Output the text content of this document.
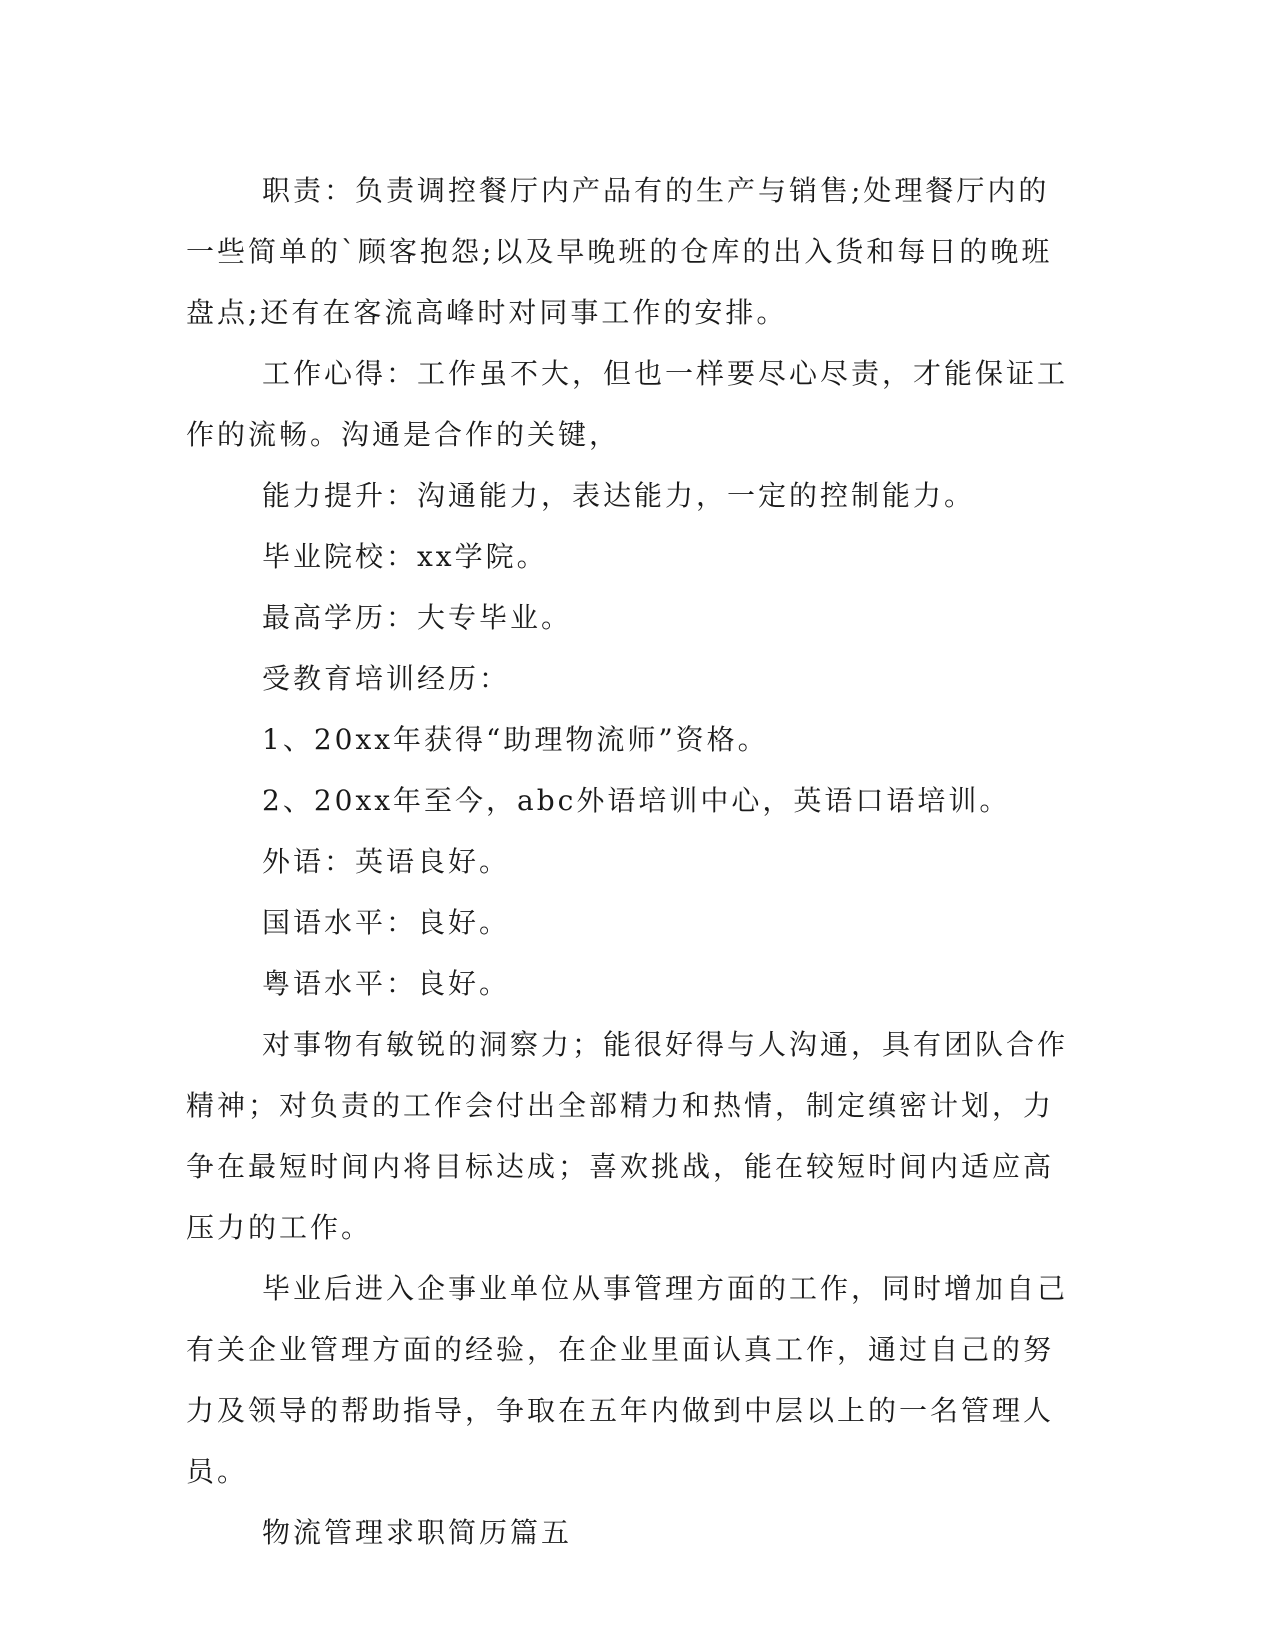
职责：负责调控餐厅内产品有的生产与销售;处理餐厅内的一些简单的`顾客抱怨;以及早晚班的仓库的出入货和每日的晚班盘点;还有在客流高峰时对同事工作的安排。

工作心得：工作虽不大，但也一样要尽心尽责，才能保证工作的流畅。沟通是合作的关键，

能力提升：沟通能力，表达能力，一定的控制能力。

毕业院校：xx学院。

最高学历：大专毕业。

受教育培训经历：

1、20xx年获得“助理物流师”资格。

2、20xx年至今，abc外语培训中心，英语口语培训。

外语：英语良好。

国语水平：良好。

粤语水平：良好。

对事物有敏锐的洞察力；能很好得与人沟通，具有团队合作精神；对负责的工作会付出全部精力和热情，制定缜密计划，力争在最短时间内将目标达成；喜欢挑战，能在较短时间内适应高压力的工作。

毕业后进入企事业单位从事管理方面的工作，同时增加自己有关企业管理方面的经验，在企业里面认真工作，通过自己的努力及领导的帮助指导，争取在五年内做到中层以上的一名管理人员。

物流管理求职简历篇五
